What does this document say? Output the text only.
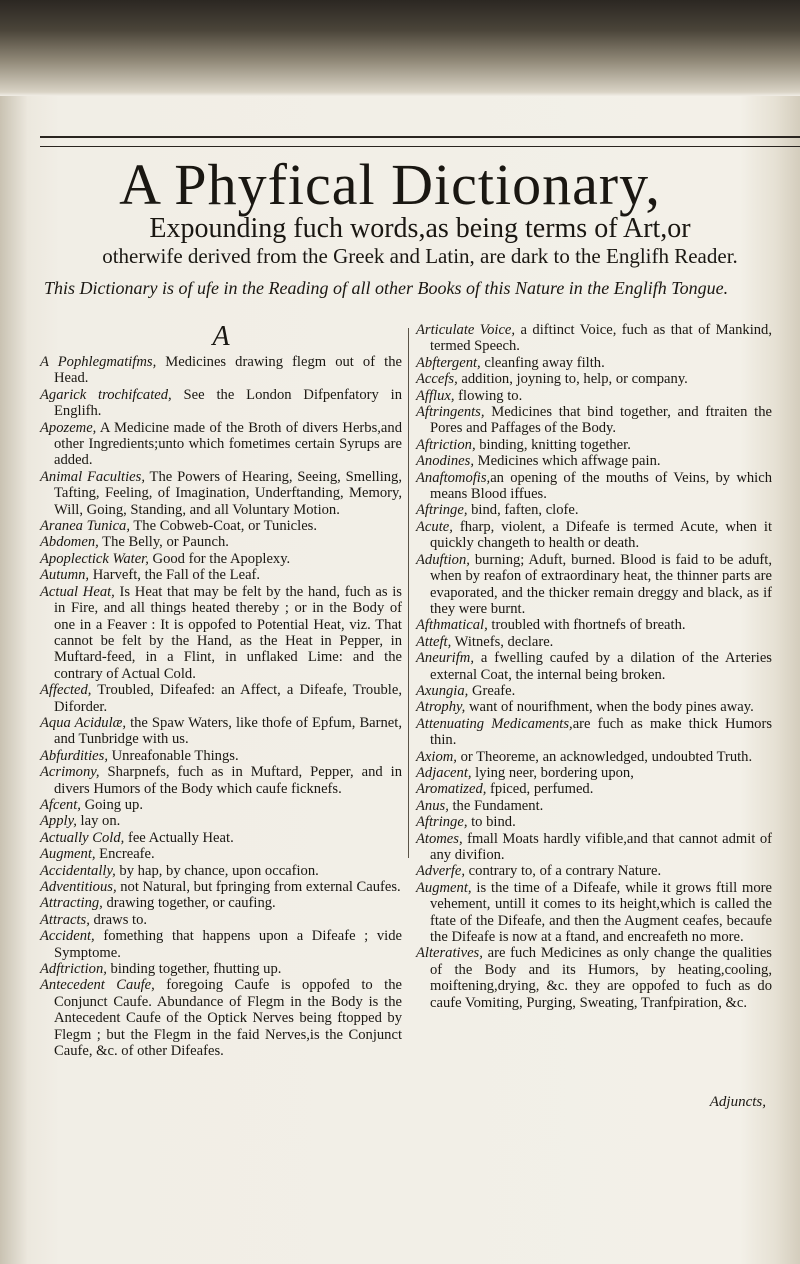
A Phyfical Dictionary,
Expounding fuch words,as being terms of Art,or
otherwife derived from the Greek and Latin, are dark to the Englifh Reader.
This Dictionary is of ufe in the Reading of all other Books of this Nature in the Englifh Tongue.
A
A Pophlegmatifms, Medicines drawing flegm out of the Head.
Agarick trochifcated, See the London Difpenfatory in Englifh.
Apozeme, A Medicine made of the Broth of divers Herbs,and other Ingredients;unto which fometimes certain Syrups are added.
Animal Faculties, The Powers of Hearing, Seeing, Smelling, Tafting, Feeling, of Imagination, Underftanding, Memory, Will, Going, Standing, and all Voluntary Motion.
Aranea Tunica, The Cobweb-Coat, or Tunicles.
Abdomen, The Belly, or Paunch.
Apoplectick Water, Good for the Apoplexy.
Autumn, Harveft, the Fall of the Leaf.
Actual Heat, Is Heat that may be felt by the hand, fuch as is in Fire, and all things heated thereby ; or in the Body of one in a Feaver : It is oppofed to Potential Heat, viz. That cannot be felt by the Hand, as the Heat in Pepper, in Muftard-feed, in a Flint, in unflaked Lime: and the contrary of Actual Cold.
Affected, Troubled, Difeafed: an Affect, a Difeafe, Trouble, Diforder.
Aqua Acidulæ, the Spaw Waters, like thofe of Epfum, Barnet, and Tunbridge with us.
Abfurdities, Unreafonable Things.
Acrimony, Sharpnefs, fuch as in Muftard, Pepper, and in divers Humors of the Body which caufe ficknefs.
Afcent, Going up.
Apply, lay on.
Actually Cold, fee Actually Heat.
Augment, Encreafe.
Accidentally, by hap, by chance, upon occafion.
Adventitious, not Natural, but fpringing from external Caufes.
Attracting, drawing together, or caufing.
Attracts, draws to.
Accident, fomething that happens upon a Difeafe ; vide Symptome.
Adftriction, binding together, fhutting up.
Antecedent Caufe, foregoing Caufe is oppofed to the Conjunct Caufe. Abundance of Flegm in the Body is the Antecedent Caufe of the Optick Nerves being ftopped by Flegm ; but the Flegm in the faid Nerves,is the Conjunct Caufe, &c. of other Difeafes.
Articulate Voice, a diftinct Voice, fuch as that of Mankind, termed Speech.
Abftergent, cleanfing away filth.
Accefs, addition, joyning to, help, or company.
Afflux, flowing to.
Aftringents, Medicines that bind together, and ftraiten the Pores and Paffages of the Body.
Aftriction, binding, knitting together.
Anodines, Medicines which affwage pain.
Anaftomofis,an opening of the mouths of Veins, by which means Blood iffues.
Aftringe, bind, faften, clofe.
Acute, fharp, violent, a Difeafe is termed Acute, when it quickly changeth to health or death.
Aduftion, burning; Aduft, burned. Blood is faid to be aduft, when by reafon of extraordinary heat, the thinner parts are evaporated, and the thicker remain dreggy and black, as if they were burnt.
Afthmatical, troubled with fhortnefs of breath.
Atteft, Witnefs, declare.
Aneurifm, a fwelling caufed by a dilation of the Arteries external Coat, the internal being broken.
Axungia, Greafe.
Atrophy, want of nourifhment, when the body pines away.
Attenuating Medicaments,are fuch as make thick Humors thin.
Axiom, or Theoreme, an acknowledged, undoubted Truth.
Adjacent, lying neer, bordering upon,
Aromatized, fpiced, perfumed.
Anus, the Fundament.
Aftringe, to bind.
Atomes, fmall Moats hardly vifible,and that cannot admit of any divifion.
Adverfe, contrary to, of a contrary Nature.
Augment, is the time of a Difeafe, while it grows ftill more vehement, untill it comes to its height,which is called the ftate of the Difeafe, and then the Augment ceafes, becaufe the Difeafe is now at a ftand, and encreafeth no more.
Alteratives, are fuch Medicines as only change the qualities of the Body and its Humors, by heating,cooling, moiftening,drying, &c. they are oppofed to fuch as do caufe Vomiting, Purging, Sweating, Tranfpiration, &c.
Adjuncts,
